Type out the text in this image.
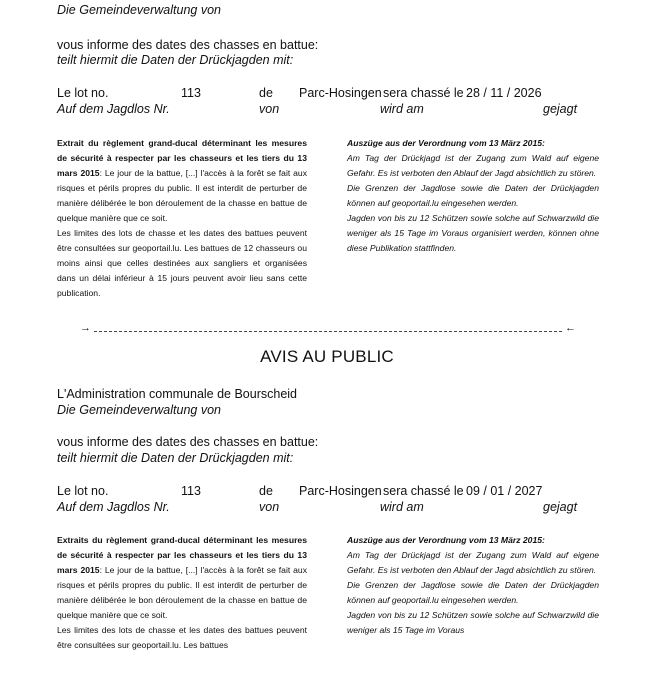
Die Gemeindeverwaltung von
vous informe des dates des chasses en battue:
teilt hiermit die Daten der Drückjagden mit:
Le lot no.	113	de Parc-Hosingen sera chassé le 28 / 11 / 2026
Auf dem Jagdlos Nr.	von	wird am	gejagt

Extrait du règlement grand-ducal déterminant les mesures de sécurité à respecter par les chasseurs et les tiers du 13 mars 2015: Le jour de la battue, [...] l'accès à la forêt se fait aux risques et périls propres du public. Il est interdit de perturber de manière délibérée le bon déroulement de la chasse en battue de quelque manière que ce soit.

Les limites des lots de chasse et les dates des battues peuvent être consultées sur geoportail.lu. Les battues de 12 chasseurs ou moins ainsi que celles destinées aux sangliers et organisées dans un délai inférieur à 15 jours peuvent avoir lieu sans cette publication.

Auszüge aus der Verordnung vom 13 März 2015:

Am Tag der Drückjagd ist der Zugang zum Wald auf eigene Gefahr. Es ist verboten den Ablauf der Jagd absichtlich zu stören.

Die Grenzen der Jagdlose sowie die Daten der Drückjagden können auf geoportail.lu eingesehen werden.

Jagden von bis zu 12 Schützen sowie solche auf Schwarzwild die weniger als 15 Tage im Voraus organisiert werden, können ohne diese Publikation stattfinden.

→	←
AVIS AU PUBLIC
L'Administration communale de Bourscheid
Die Gemeindeverwaltung von
vous informe des dates des chasses en battue:
teilt hiermit die Daten der Drückjagden mit:
Le lot no.	113	de Parc-Hosingen sera chassé le 09 / 01 / 2027
Auf dem Jagdlos Nr.	von	wird am	gejagt

Extraits du règlement grand-ducal déterminant les mesures de sécurité à respecter par les chasseurs et les tiers du 13 mars 2015: Le jour de la battue, [...] l'accès à la forêt se fait aux risques et périls propres du public. Il est interdit de perturber de manière délibérée le bon déroulement de la chasse en battue de quelque manière que ce soit.

Les limites des lots de chasse et les dates des battues peuvent être consultées sur geoportail.lu. Les battues

Auszüge aus der Verordnung vom 13 März 2015:

Am Tag der Drückjagd ist der Zugang zum Wald auf eigene Gefahr. Es ist verboten den Ablauf der Jagd absichtlich zu stören.

Die Grenzen der Jagdlose sowie die Daten der Drückjagden können auf geoportail.lu eingesehen werden.

Jagden von bis zu 12 Schützen sowie solche auf Schwarzwild die weniger als 15 Tage im Voraus
